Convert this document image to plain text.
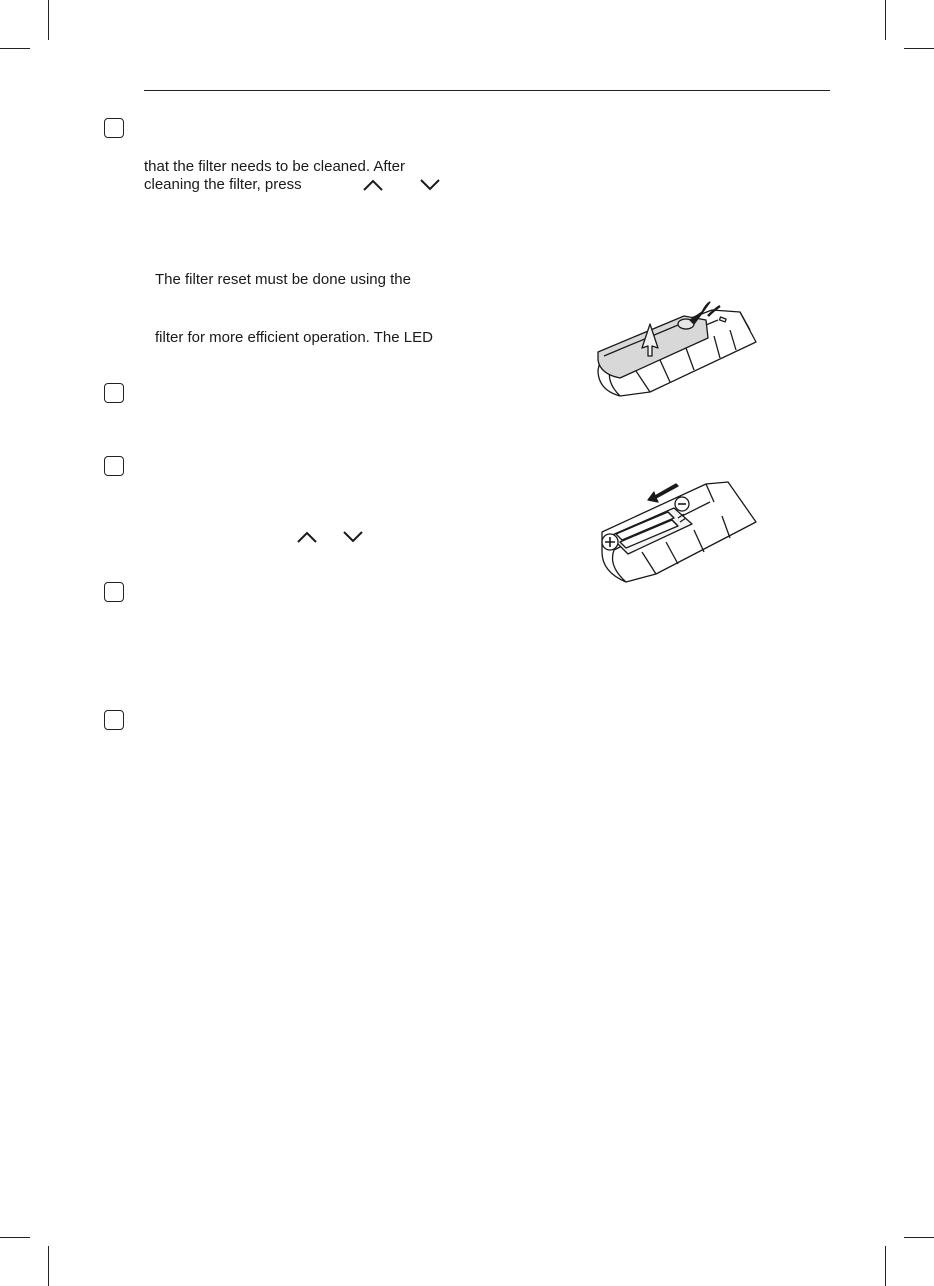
that the filter needs to be cleaned. After
cleaning the filter, press
The filter reset must be done using the
filter for more efficient operation. The LED
